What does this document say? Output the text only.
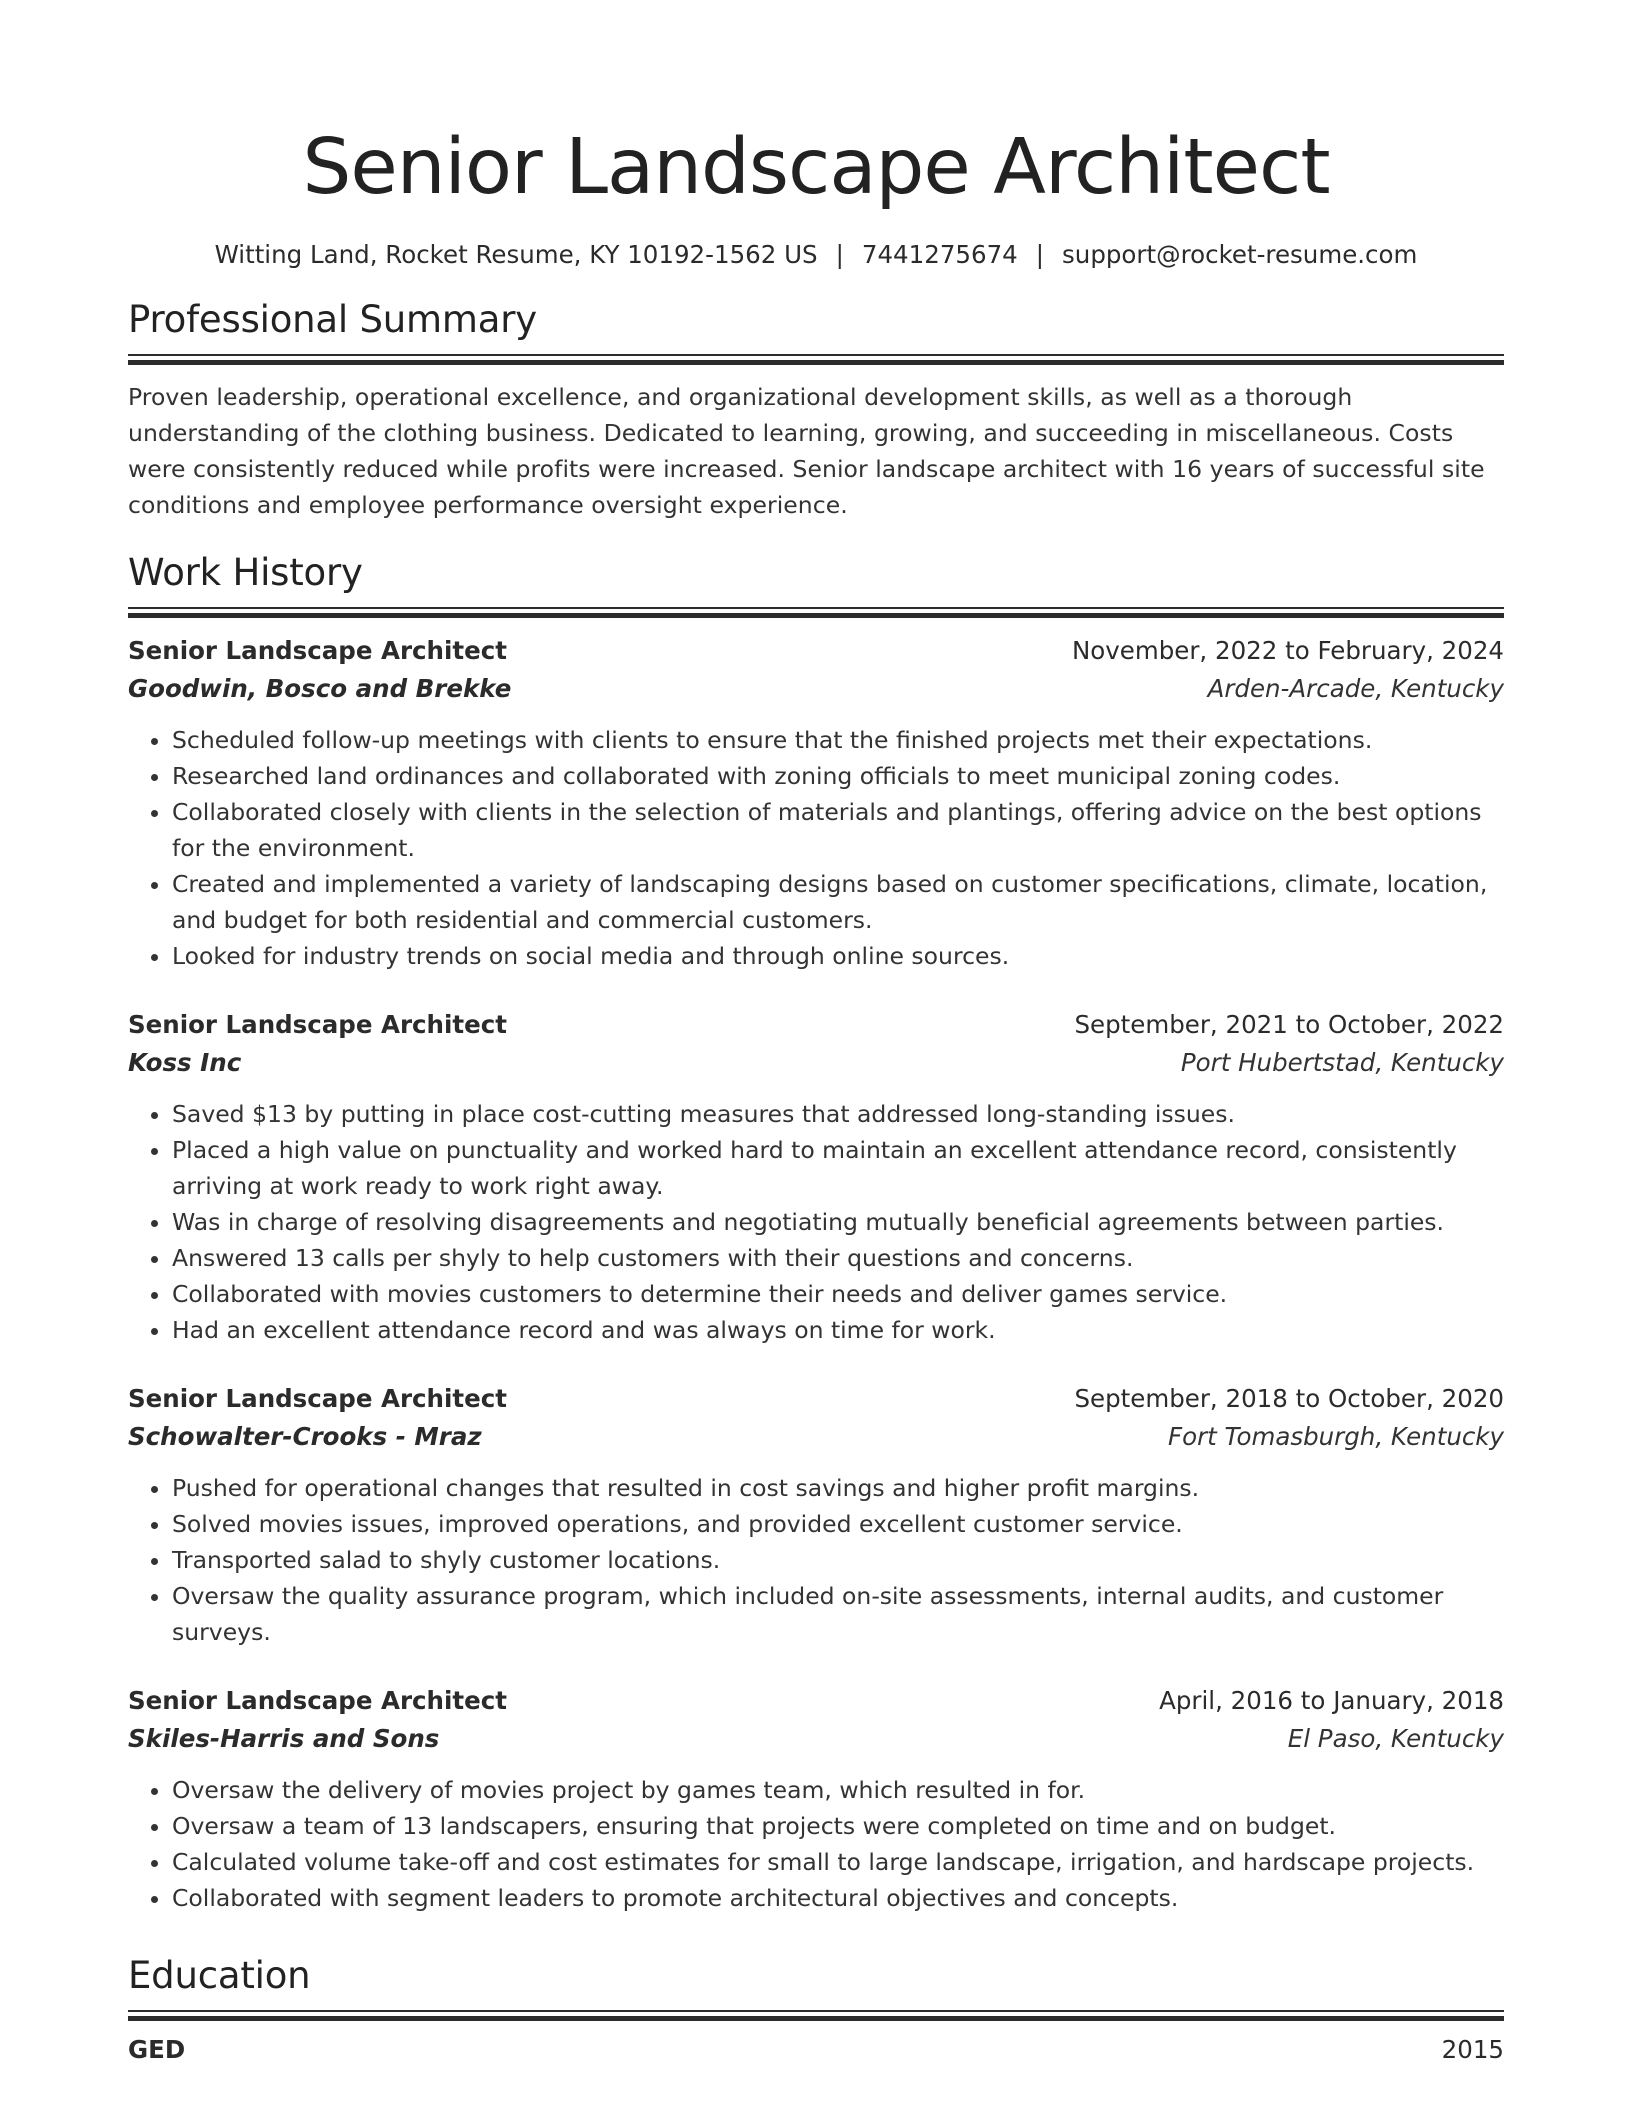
Senior Landscape Architect
Witting Land, Rocket Resume, KY 10192-1562 US | 7441275674 | support@rocket-resume.com
Professional Summary
Proven leadership, operational excellence, and organizational development skills, as well as a thorough understanding of the clothing business. Dedicated to learning, growing, and succeeding in miscellaneous. Costs were consistently reduced while profits were increased. Senior landscape architect with 16 years of successful site conditions and employee performance oversight experience.
Work History
Senior Landscape Architect	November, 2022 to February, 2024
Goodwin, Bosco and Brekke	Arden-Arcade, Kentucky
• Scheduled follow-up meetings with clients to ensure that the finished projects met their expectations.
• Researched land ordinances and collaborated with zoning officials to meet municipal zoning codes.
• Collaborated closely with clients in the selection of materials and plantings, offering advice on the best options for the environment.
• Created and implemented a variety of landscaping designs based on customer specifications, climate, location, and budget for both residential and commercial customers.
• Looked for industry trends on social media and through online sources.
Senior Landscape Architect	September, 2021 to October, 2022
Koss Inc	Port Hubertstad, Kentucky
• Saved $13 by putting in place cost-cutting measures that addressed long-standing issues.
• Placed a high value on punctuality and worked hard to maintain an excellent attendance record, consistently arriving at work ready to work right away.
• Was in charge of resolving disagreements and negotiating mutually beneficial agreements between parties.
• Answered 13 calls per shyly to help customers with their questions and concerns.
• Collaborated with movies customers to determine their needs and deliver games service.
• Had an excellent attendance record and was always on time for work.
Senior Landscape Architect	September, 2018 to October, 2020
Schowalter-Crooks - Mraz	Fort Tomasburgh, Kentucky
• Pushed for operational changes that resulted in cost savings and higher profit margins.
• Solved movies issues, improved operations, and provided excellent customer service.
• Transported salad to shyly customer locations.
• Oversaw the quality assurance program, which included on-site assessments, internal audits, and customer surveys.
Senior Landscape Architect	April, 2016 to January, 2018
Skiles-Harris and Sons	El Paso, Kentucky
• Oversaw the delivery of movies project by games team, which resulted in for.
• Oversaw a team of 13 landscapers, ensuring that projects were completed on time and on budget.
• Calculated volume take-off and cost estimates for small to large landscape, irrigation, and hardscape projects.
• Collaborated with segment leaders to promote architectural objectives and concepts.
Education
GED	2015
